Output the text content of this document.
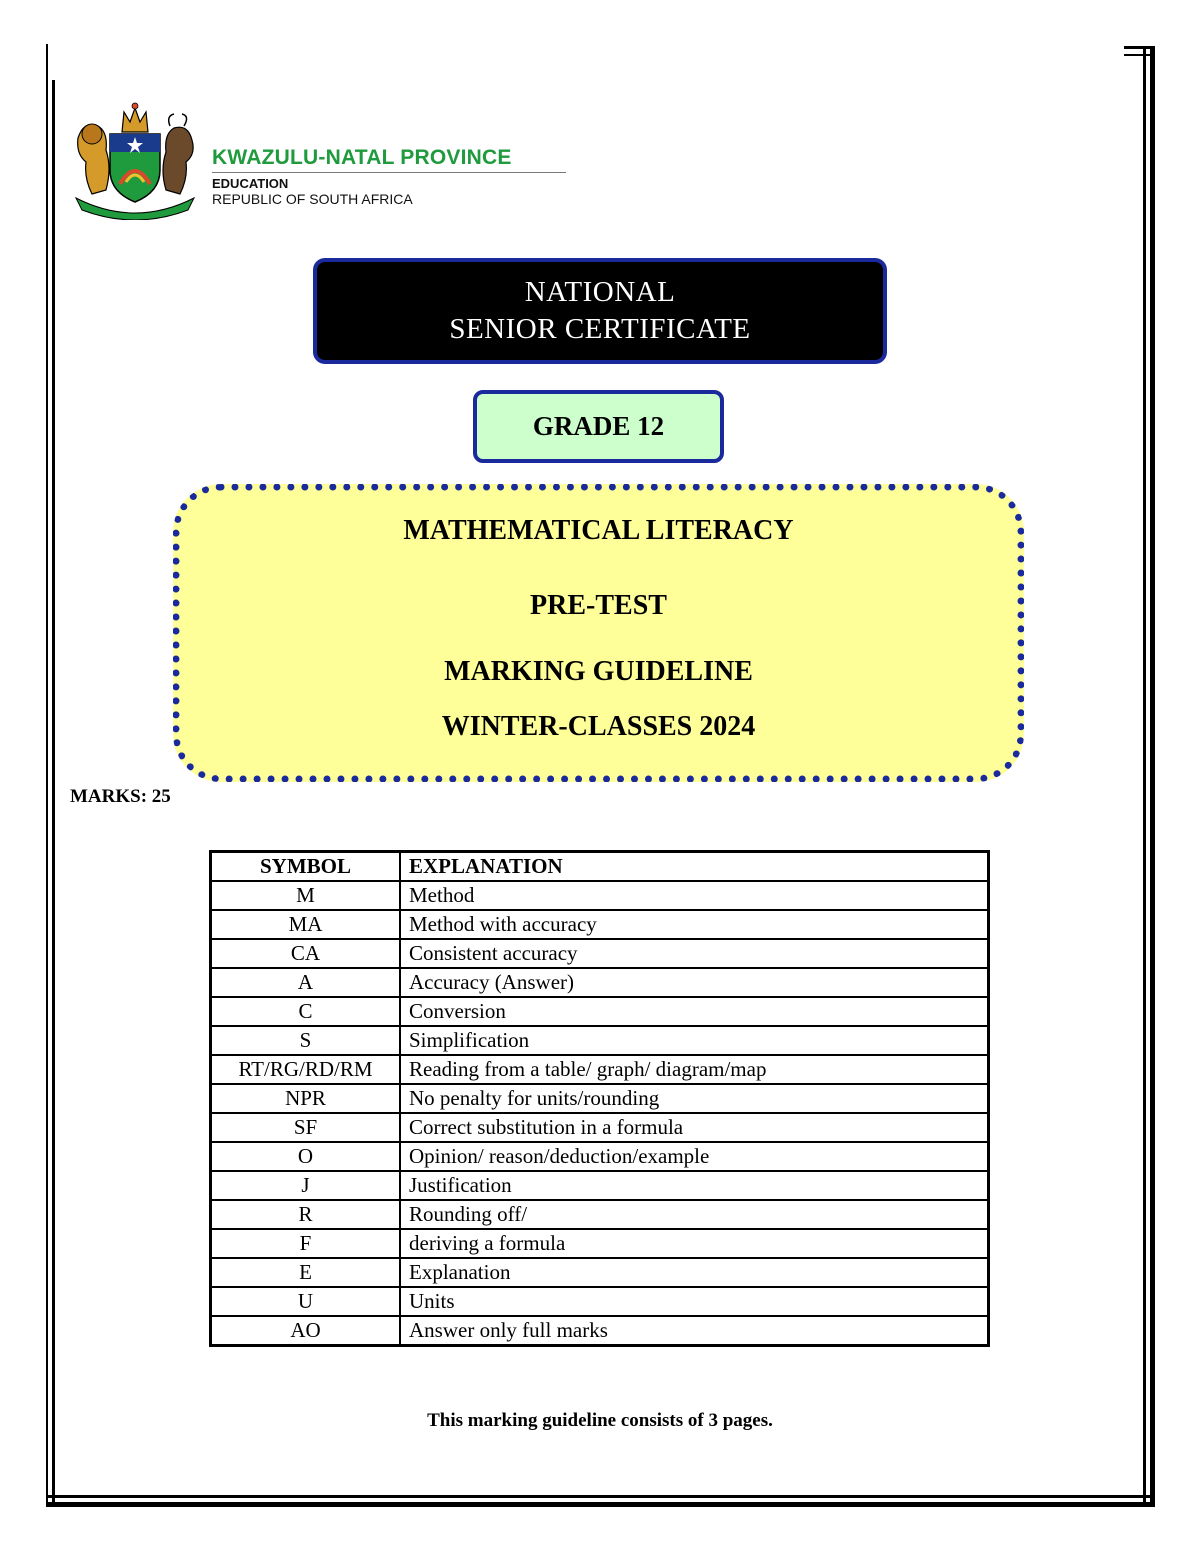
KWAZULU-NATAL PROVINCE
EDUCATION
REPUBLIC OF SOUTH AFRICA
NATIONAL
SENIOR CERTIFICATE
GRADE 12
MATHEMATICAL LITERACY
PRE-TEST
MARKING GUIDELINE
WINTER-CLASSES 2024
MARKS: 25
SYMBOL	EXPLANATION
M	Method
MA	Method with accuracy
CA	Consistent accuracy
A	Accuracy (Answer)
C	Conversion
S	Simplification
RT/RG/RD/RM	Reading from a table/ graph/ diagram/map
NPR	No penalty for units/rounding
SF	Correct substitution in a formula
O	Opinion/ reason/deduction/example
J	Justification
R	Rounding off/
F	deriving a formula
E	Explanation
U	Units
AO	Answer only full marks
This marking guideline consists of 3 pages.
